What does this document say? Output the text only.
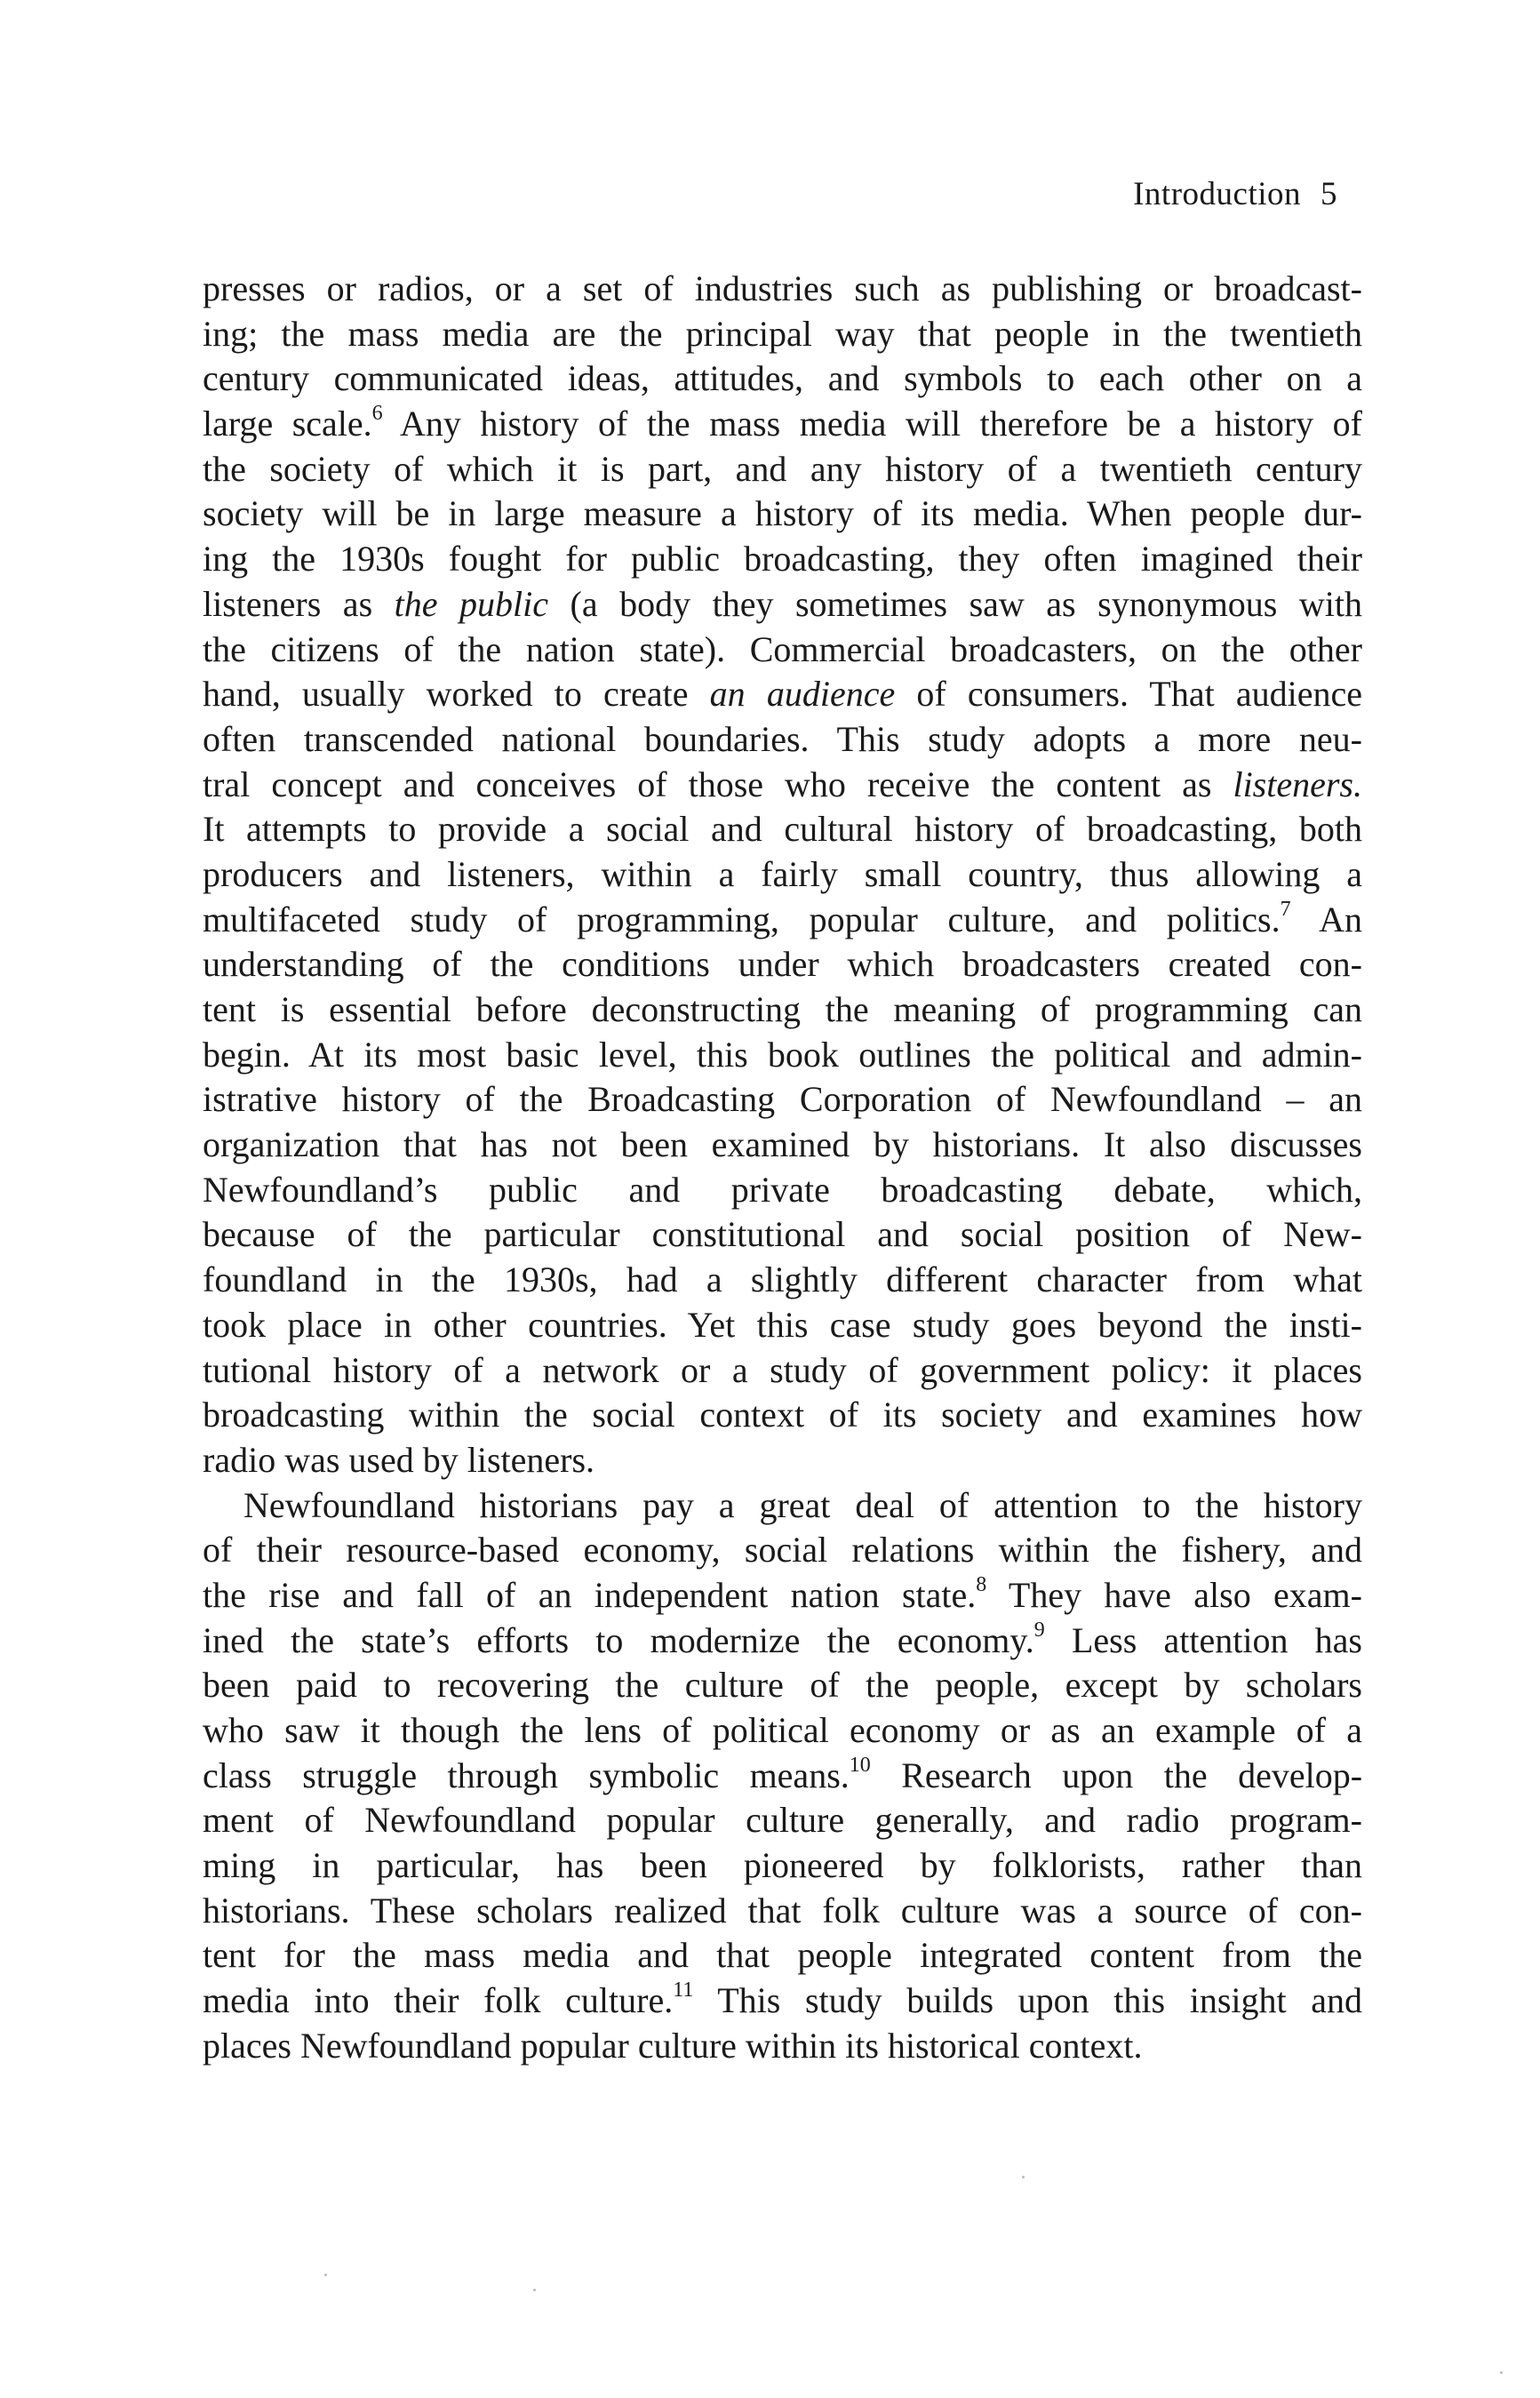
Introduction 5
presses or radios, or a set of industries such as publishing or broadcast-
ing; the mass media are the principal way that people in the twentieth
century communicated ideas, attitudes, and symbols to each other on a
large scale.$^6$ Any history of the mass media will therefore be a history of
the society of which it is part, and any history of a twentieth century
society will be in large measure a history of its media. When people dur-
ing the 1930s fought for public broadcasting, they often imagined their
listeners as the public (a body they sometimes saw as synonymous with
the citizens of the nation state). Commercial broadcasters, on the other
hand, usually worked to create an audience of consumers. That audience
often transcended national boundaries. This study adopts a more neu-
tral concept and conceives of those who receive the content as listeners.
It attempts to provide a social and cultural history of broadcasting, both
producers and listeners, within a fairly small country, thus allowing a
multifaceted study of programming, popular culture, and politics.$^7$ An
understanding of the conditions under which broadcasters created con-
tent is essential before deconstructing the meaning of programming can
begin. At its most basic level, this book outlines the political and admin-
istrative history of the Broadcasting Corporation of Newfoundland – an
organization that has not been examined by historians. It also discusses
Newfoundland’s public and private broadcasting debate, which,
because of the particular constitutional and social position of New-
foundland in the 1930s, had a slightly different character from what
took place in other countries. Yet this case study goes beyond the insti-
tutional history of a network or a study of government policy: it places
broadcasting within the social context of its society and examines how
radio was used by listeners.
Newfoundland historians pay a great deal of attention to the history
of their resource-based economy, social relations within the fishery, and
the rise and fall of an independent nation state.$^8$ They have also exam-
ined the state’s efforts to modernize the economy.$^9$ Less attention has
been paid to recovering the culture of the people, except by scholars
who saw it though the lens of political economy or as an example of a
class struggle through symbolic means.$^{10}$ Research upon the develop-
ment of Newfoundland popular culture generally, and radio program-
ming in particular, has been pioneered by folklorists, rather than
historians. These scholars realized that folk culture was a source of con-
tent for the mass media and that people integrated content from the
media into their folk culture.$^{11}$ This study builds upon this insight and
places Newfoundland popular culture within its historical context.
